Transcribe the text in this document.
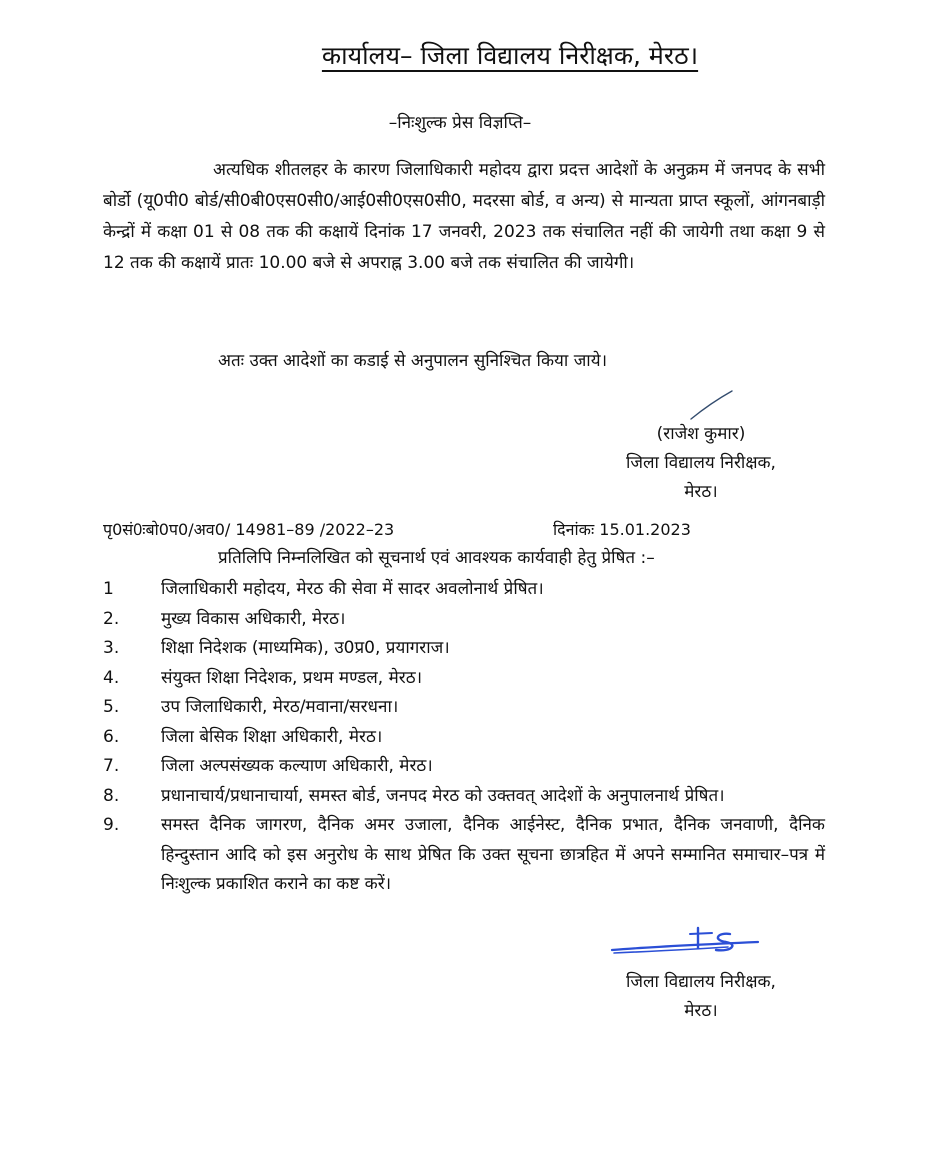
कार्यालय– जिला विद्यालय निरीक्षक, मेरठ।
–निःशुल्क प्रेस विज्ञप्ति–
अत्यधिक शीतलहर के कारण जिलाधिकारी महोदय द्वारा प्रदत्त आदेशों के अनुक्रम में जनपद के सभी बोर्डो (यू0पी0 बोर्ड/सी0बी0एस0सी0/आई0सी0एस0सी0, मदरसा बोर्ड, व अन्य) से मान्यता प्राप्त स्कूलों, आंगनबाड़ी केन्द्रों में कक्षा 01 से 08 तक की कक्षायें दिनांक 17 जनवरी, 2023 तक संचालित नहीं की जायेगी तथा कक्षा 9 से 12 तक की कक्षायें प्रातः 10.00 बजे से अपराह्न 3.00 बजे तक संचालित की जायेगी।
अतः उक्त आदेशों का कडाई से अनुपालन सुनिश्चित किया जाये।
(राजेश कुमार)
जिला विद्यालय निरीक्षक,
मेरठ।
पृ0सं0ःबो0प0/अव0/ 14981–89 /2022–23	दिनांकः 15.01.2023
प्रतिलिपि निम्नलिखित को सूचनार्थ एवं आवश्यक कार्यवाही हेतु प्रेषित :–
1	जिलाधिकारी महोदय, मेरठ की सेवा में सादर अवलोनार्थ प्रेषित।
2.	मुख्य विकास अधिकारी, मेरठ।
3.	शिक्षा निदेशक (माध्यमिक), उ0प्र0, प्रयागराज।
4.	संयुक्त शिक्षा निदेशक, प्रथम मण्डल, मेरठ।
5.	उप जिलाधिकारी, मेरठ/मवाना/सरधना।
6.	जिला बेसिक शिक्षा अधिकारी, मेरठ।
7.	जिला अल्पसंख्यक कल्याण अधिकारी, मेरठ।
8.	प्रधानाचार्य/प्रधानाचार्या, समस्त बोर्ड, जनपद मेरठ को उक्तवत् आदेशों के अनुपालनार्थ प्रेषित।
9.	समस्त दैनिक जागरण, दैनिक अमर उजाला, दैनिक आईनेस्ट, दैनिक प्रभात, दैनिक जनवाणी, दैनिक हिन्दुस्तान आदि को इस अनुरोध के साथ प्रेषित कि उक्त सूचना छात्रहित में अपने सम्मानित समाचार–पत्र में निःशुल्क प्रकाशित कराने का कष्ट करें।
जिला विद्यालय निरीक्षक,
मेरठ।
